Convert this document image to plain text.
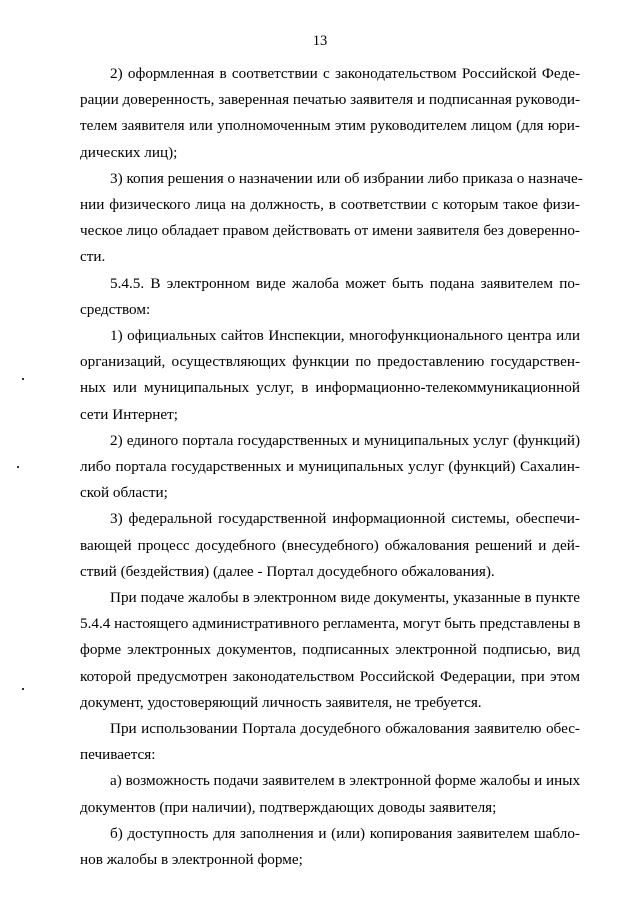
13
2) оформленная в соответствии с законодательством Российской Феде-
рации доверенность, заверенная печатью заявителя и подписанная руководи-
телем заявителя или уполномоченным этим руководителем лицом (для юри-
дических лиц);
3) копия решения о назначении или об избрании либо приказа о назначе-
нии физического лица на должность, в соответствии с которым такое физи-
ческое лицо обладает правом действовать от имени заявителя без доверенно-
сти.
5.4.5. В электронном виде жалоба может быть подана заявителем по-
средством:
1) официальных сайтов Инспекции, многофункционального центра или
организаций, осуществляющих функции по предоставлению государствен-
ных или муниципальных услуг, в информационно-телекоммуникационной
сети Интернет;
2) единого портала государственных и муниципальных услуг (функций)
либо портала государственных и муниципальных услуг (функций) Сахалин-
ской области;
3) федеральной государственной информационной системы, обеспечи-
вающей процесс досудебного (внесудебного) обжалования решений и дей-
ствий (бездействия) (далее - Портал досудебного обжалования).
При подаче жалобы в электронном виде документы, указанные в пункте
5.4.4 настоящего административного регламента, могут быть представлены в
форме электронных документов, подписанных электронной подписью, вид
которой предусмотрен законодательством Российской Федерации, при этом
документ, удостоверяющий личность заявителя, не требуется.
При использовании Портала досудебного обжалования заявителю обес-
печивается:
а) возможность подачи заявителем в электронной форме жалобы и иных
документов (при наличии), подтверждающих доводы заявителя;
б) доступность для заполнения и (или) копирования заявителем шабло-
нов жалобы в электронной форме;
